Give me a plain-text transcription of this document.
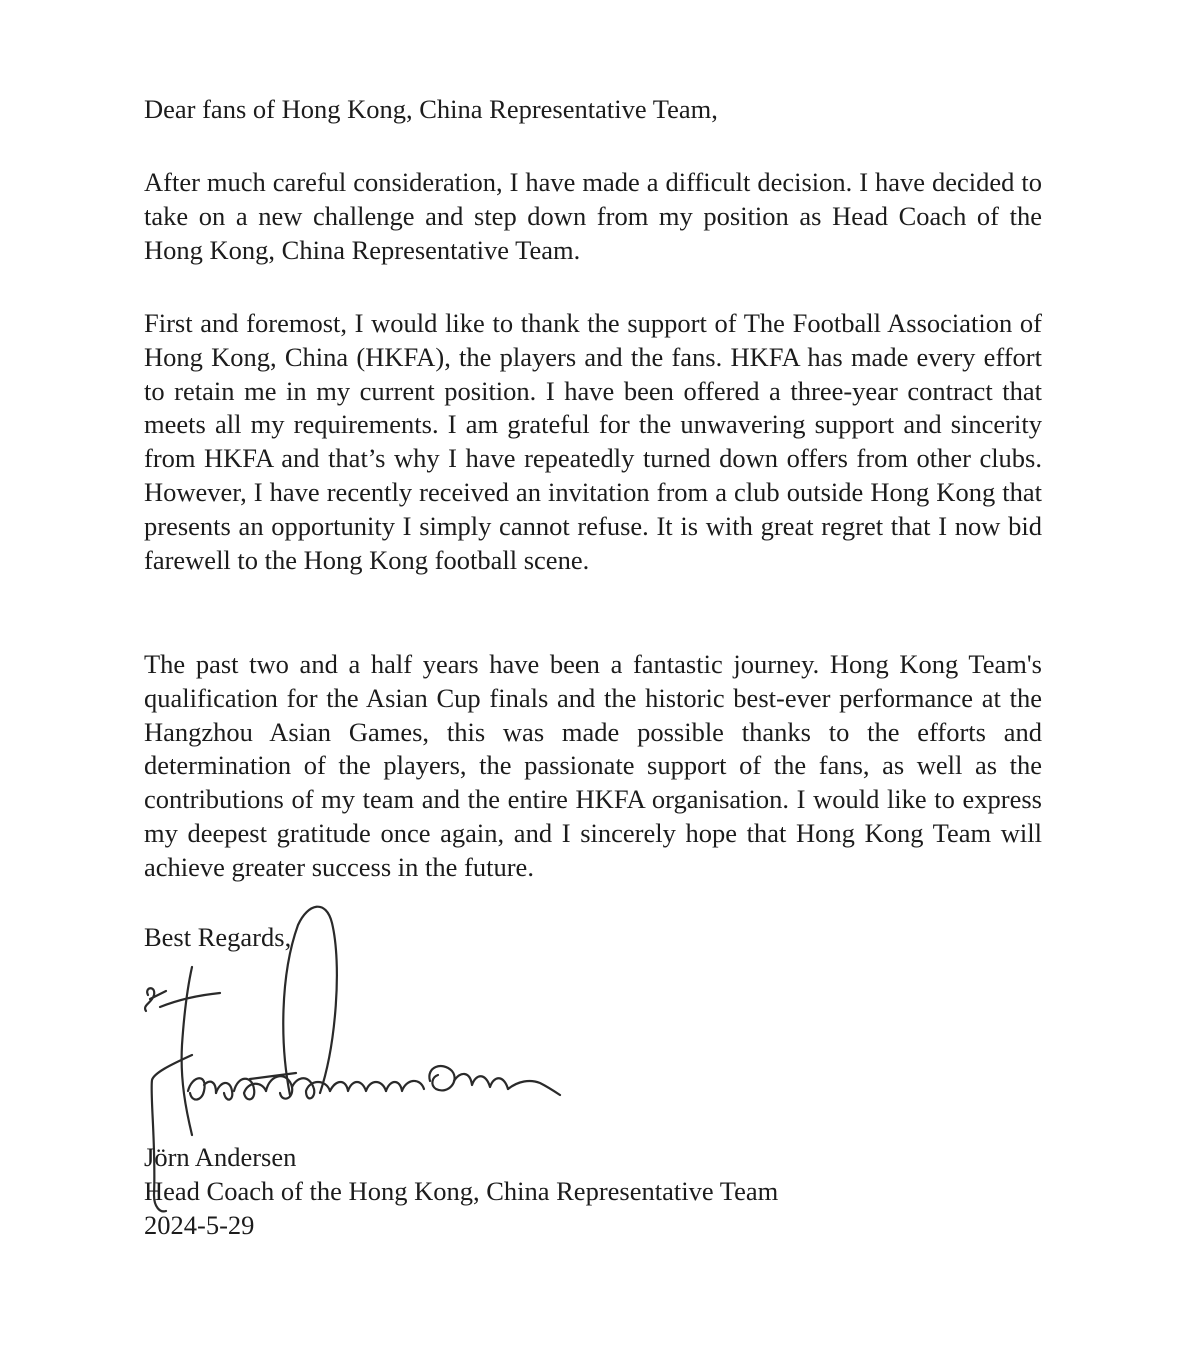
Dear fans of Hong Kong, China Representative Team,

After much careful consideration, I have made a difficult decision. I have decided to take on a new challenge and step down from my position as Head Coach of the Hong Kong, China Representative Team.

First and foremost, I would like to thank the support of The Football Association of Hong Kong, China (HKFA), the players and the fans. HKFA has made every effort to retain me in my current position. I have been offered a three-year contract that meets all my requirements. I am grateful for the unwavering support and sincerity from HKFA and that’s why I have repeatedly turned down offers from other clubs. However, I have recently received an invitation from a club outside Hong Kong that presents an opportunity I simply cannot refuse. It is with great regret that I now bid farewell to the Hong Kong football scene.

The past two and a half years have been a fantastic journey. Hong Kong Team's qualification for the Asian Cup finals and the historic best-ever performance at the Hangzhou Asian Games, this was made possible thanks to the efforts and determination of the players, the passionate support of the fans, as well as the contributions of my team and the entire HKFA organisation. I would like to express my deepest gratitude once again, and I sincerely hope that Hong Kong Team will achieve greater success in the future.

Best Regards,

Jörn Andersen

Head Coach of the Hong Kong, China Representative Team

2024-5-29
